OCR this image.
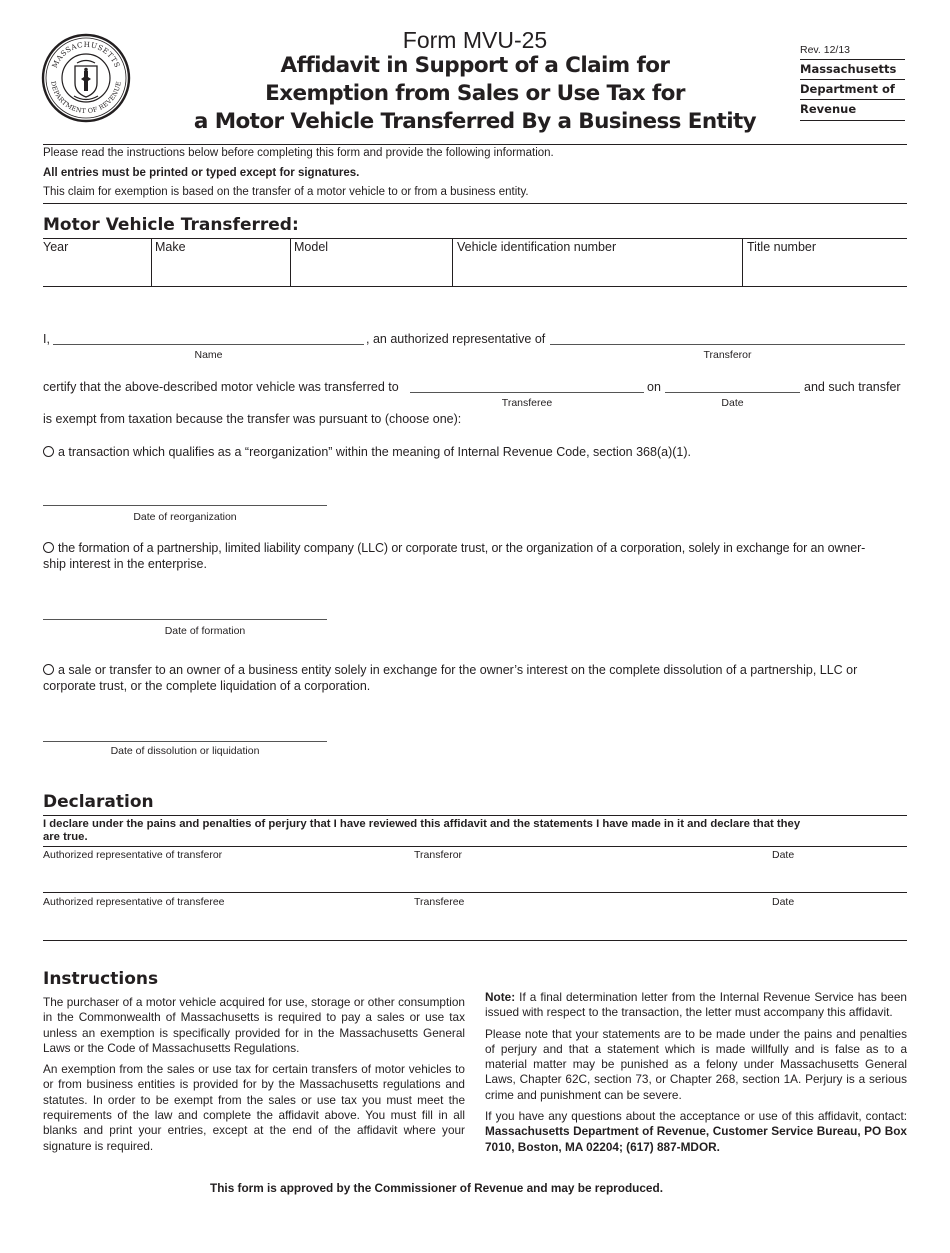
MASSACHUSETTS
DEPARTMENT OF REVENUE
Form MVU-25
Affidavit in Support of a Claim for
Exemption from Sales or Use Tax for
a Motor Vehicle Transferred By a Business Entity
Rev. 12/13
Massachusetts
Department of
Revenue
Please read the instructions below before completing this form and provide the following information.
All entries must be printed or typed except for signatures.
This claim for exemption is based on the transfer of a motor vehicle to or from a business entity.
Motor Vehicle Transferred:
Year	Make	Model	Vehicle identification number	Title number
I,	, an authorized representative of
Name	Transferor
certify that the above-described motor vehicle was transferred to	on	and such transfer
Transferee	Date
is exempt from taxation because the transfer was pursuant to (choose one):
a transaction which qualifies as a “reorganization” within the meaning of Internal Revenue Code, section 368(a)(1).
Date of reorganization
the formation of a partnership, limited liability company (LLC) or corporate trust, or the organization of a corporation, solely in exchange for an owner-
ship interest in the enterprise.
Date of formation
a sale or transfer to an owner of a business entity solely in exchange for the owner’s interest on the complete dissolution of a partnership, LLC or
corporate trust, or the complete liquidation of a corporation.
Date of dissolution or liquidation
Declaration
I declare under the pains and penalties of perjury that I have reviewed this affidavit and the statements I have made in it and declare that they
are true.
Authorized representative of transferor	Transferor	Date
Authorized representative of transferee	Transferee	Date
Instructions

The purchaser of a motor vehicle acquired for use, storage or other consumption in the Commonwealth of Massachusetts is required to pay a sales or use tax unless an exemption is specifically provided for in the Massachusetts General Laws or the Code of Massachusetts Regulations.

An exemption from the sales or use tax for certain transfers of motor vehicles to or from business entities is provided for by the Massachusetts regulations and statutes. In order to be exempt from the sales or use tax you must meet the requirements of the law and complete the affidavit above. You must fill in all blanks and print your entries, except at the end of the affidavit where your signature is required.

Note: If a final determination letter from the Internal Revenue Service has been issued with respect to the transaction, the letter must accompany this affidavit.

Please note that your statements are to be made under the pains and penalties of perjury and that a statement which is made willfully and is false as to a material matter may be punished as a felony under Massachusetts General Laws, Chapter 62C, section 73, or Chapter 268, section 1A. Perjury is a serious crime and punishment can be severe.

If you have any questions about the acceptance or use of this affidavit, contact: Massachusetts Department of Revenue, Customer Service Bureau, PO Box 7010, Boston, MA 02204; (617) 887-MDOR.

This form is approved by the Commissioner of Revenue and may be reproduced.
